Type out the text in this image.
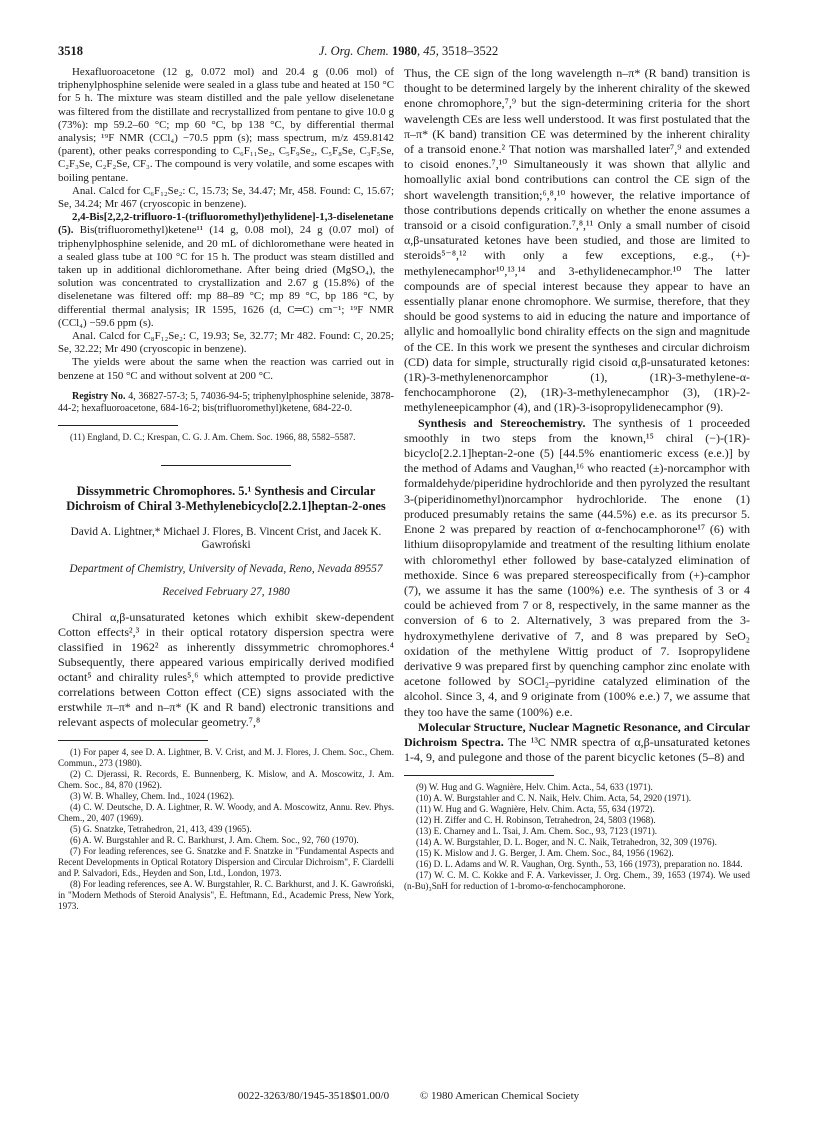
3518	J. Org. Chem. 1980, 45, 3518–3522

Hexafluoroacetone (12 g, 0.072 mol) and 20.4 g (0.06 mol) of triphenylphosphine selenide were sealed in a glass tube and heated at 150 °C for 5 h. The mixture was steam distilled and the pale yellow diselenetane was filtered from the distillate and recrystallized from pentane to give 10.0 g (73%): mp 59.2–60 °C; mp 60 °C, bp 138 °C, by differential thermal analysis; ¹⁹F NMR (CCl₄) −70.5 ppm (s); mass spectrum, m/z 459.8142 (parent), other peaks corresponding to C₆F₁₁Se₂, C₅F₉Se₂, C₅F₈Se, C₃F₅Se, C₂F₃Se, C₂F₂Se, CF₃. The compound is very volatile, and some escapes with boiling pentane.

Anal. Calcd for C₆F₁₂Se₂: C, 15.73; Se, 34.47; Mr, 458. Found: C, 15.67; Se, 34.24; Mr 467 (cryoscopic in benzene).

2,4-Bis[2,2,2-trifluoro-1-(trifluoromethyl)ethylidene]-1,3-diselenetane (5). Bis(trifluoromethyl)ketene¹¹ (14 g, 0.08 mol), 24 g (0.07 mol) of triphenylphosphine selenide, and 20 mL of dichloromethane were heated in a sealed glass tube at 100 °C for 15 h. The product was steam distilled and taken up in additional dichloromethane. After being dried (MgSO₄), the solution was concentrated to crystallization and 2.67 g (15.8%) of the diselenetane was filtered off: mp 88–89 °C; mp 89 °C, bp 186 °C, by differential thermal analysis; IR 1595, 1626 (d, C═C) cm⁻¹; ¹⁹F NMR (CCl₄) −59.6 ppm (s).

Anal. Calcd for C₈F₁₂Se₂: C, 19.93; Se, 32.77; Mr 482. Found: C, 20.25; Se, 32.22; Mr 490 (cryoscopic in benzene).

The yields were about the same when the reaction was carried out in benzene at 150 °C and without solvent at 200 °C.

Registry No. 4, 36827-57-3; 5, 74036-94-5; triphenylphosphine selenide, 3878-44-2; hexafluoroacetone, 684-16-2; bis(trifluoromethyl)ketene, 684-22-0.

(11) England, D. C.; Krespan, C. G. J. Am. Chem. Soc. 1966, 88, 5582–5587.

Dissymmetric Chromophores. 5.¹ Synthesis and Circular Dichroism of Chiral 3-Methylenebicyclo[2.2.1]heptan-2-ones
David A. Lightner,* Michael J. Flores, B. Vincent Crist, and Jacek K. Gawroński
Department of Chemistry, University of Nevada, Reno, Nevada 89557
Received February 27, 1980

Chiral α,β-unsaturated ketones which exhibit skew-dependent Cotton effects²,³ in their optical rotatory dispersion spectra were classified in 1962² as inherently dissymmetric chromophores.⁴ Subsequently, there appeared various empirically derived modified octant⁵ and chirality rules⁵,⁶ which attempted to provide predictive correlations between Cotton effect (CE) signs associated with the erstwhile π–π* and n–π* (K and R band) electronic transitions and relevant aspects of molecular geometry.⁷,⁸

(1) For paper 4, see D. A. Lightner, B. V. Crist, and M. J. Flores, J. Chem. Soc., Chem. Commun., 273 (1980).

(2) C. Djerassi, R. Records, E. Bunnenberg, K. Mislow, and A. Moscowitz, J. Am. Chem. Soc., 84, 870 (1962).

(3) W. B. Whalley, Chem. Ind., 1024 (1962).

(4) C. W. Deutsche, D. A. Lightner, R. W. Woody, and A. Moscowitz, Annu. Rev. Phys. Chem., 20, 407 (1969).

(5) G. Snatzke, Tetrahedron, 21, 413, 439 (1965).

(6) A. W. Burgstahler and R. C. Barkhurst, J. Am. Chem. Soc., 92, 760 (1970).

(7) For leading references, see G. Snatzke and F. Snatzke in "Fundamental Aspects and Recent Developments in Optical Rotatory Dispersion and Circular Dichroism", F. Ciardelli and P. Salvadori, Eds., Heyden and Son, Ltd., London, 1973.

(8) For leading references, see A. W. Burgstahler, R. C. Barkhurst, and J. K. Gawroński, in "Modern Methods of Steroid Analysis", E. Heftmann, Ed., Academic Press, New York, 1973.

Thus, the CE sign of the long wavelength n–π* (R band) transition is thought to be determined largely by the inherent chirality of the skewed enone chromophore,⁷,⁹ but the sign-determining criteria for the short wavelength CEs are less well understood. It was first postulated that the π–π* (K band) transition CE was determined by the inherent chirality of a transoid enone.² That notion was marshalled later⁷,⁹ and extended to cisoid enones.⁷,¹⁰ Simultaneously it was shown that allylic and homoallylic axial bond contributions can control the CE sign of the short wavelength transition;⁶,⁸,¹⁰ however, the relative importance of those contributions depends critically on whether the enone assumes a transoid or a cisoid configuration.⁷,⁸,¹¹ Only a small number of cisoid α,β-unsaturated ketones have been studied, and those are limited to steroids⁵⁻⁸,¹² with only a few exceptions, e.g., (+)-methylenecamphor¹⁰,¹³,¹⁴ and 3-ethylidenecamphor.¹⁰ The latter compounds are of special interest because they appear to have an essentially planar enone chromophore. We surmise, therefore, that they should be good systems to aid in educing the nature and importance of allylic and homoallylic bond chirality effects on the sign and magnitude of the CE. In this work we present the syntheses and circular dichroism (CD) data for simple, structurally rigid cisoid α,β-unsaturated ketones: (1R)-3-methylenenorcamphor (1), (1R)-3-methylene-α-fenchocamphorone (2), (1R)-3-methylenecamphor (3), (1R)-2-methyleneepicamphor (4), and (1R)-3-isopropylidenecamphor (9).

Synthesis and Stereochemistry. The synthesis of 1 proceeded smoothly in two steps from the known,¹⁵ chiral (−)-(1R)-bicyclo[2.2.1]heptan-2-one (5) [44.5% enantiomeric excess (e.e.)] by the method of Adams and Vaughan,¹⁶ who reacted (±)-norcamphor with formaldehyde/piperidine hydrochloride and then pyrolyzed the resultant 3-(piperidinomethyl)norcamphor hydrochloride. The enone (1) produced presumably retains the same (44.5%) e.e. as its precursor 5. Enone 2 was prepared by reaction of α-fenchocamphorone¹⁷ (6) with lithium diisopropylamide and treatment of the resulting lithium enolate with chloromethyl ether followed by base-catalyzed elimination of methoxide. Since 6 was prepared stereospecifically from (+)-camphor (7), we assume it has the same (100%) e.e. The synthesis of 3 or 4 could be achieved from 7 or 8, respectively, in the same manner as the conversion of 6 to 2. Alternatively, 3 was prepared from the 3-hydroxymethylene derivative of 7, and 8 was prepared by SeO₂ oxidation of the methylene Wittig product of 7. Isopropylidene derivative 9 was prepared first by quenching camphor zinc enolate with acetone followed by SOCl₂–pyridine catalyzed elimination of the alcohol. Since 3, 4, and 9 originate from (100% e.e.) 7, we assume that they too have the same (100%) e.e.

Molecular Structure, Nuclear Magnetic Resonance, and Circular Dichroism Spectra. The ¹³C NMR spectra of α,β-unsaturated ketones 1-4, 9, and pulegone and those of the parent bicyclic ketones (5–8) and

(9) W. Hug and G. Wagnière, Helv. Chim. Acta., 54, 633 (1971).

(10) A. W. Burgstahler and C. N. Naik, Helv. Chim. Acta, 54, 2920 (1971).

(11) W. Hug and G. Wagnière, Helv. Chim. Acta, 55, 634 (1972).

(12) H. Ziffer and C. H. Robinson, Tetrahedron, 24, 5803 (1968).

(13) E. Charney and L. Tsai, J. Am. Chem. Soc., 93, 7123 (1971).

(14) A. W. Burgstahler, D. L. Boger, and N. C. Naik, Tetrahedron, 32, 309 (1976).

(15) K. Mislow and J. G. Berger, J. Am. Chem. Soc., 84, 1956 (1962).

(16) D. L. Adams and W. R. Vaughan, Org. Synth., 53, 166 (1973), preparation no. 1844.

(17) W. C. M. C. Kokke and F. A. Varkevisser, J. Org. Chem., 39, 1653 (1974). We used (n-Bu)₃SnH for reduction of 1-bromo-α-fenchocamphorone.

0022-3263/80/1945-3518$01.00/0	© 1980 American Chemical Society
